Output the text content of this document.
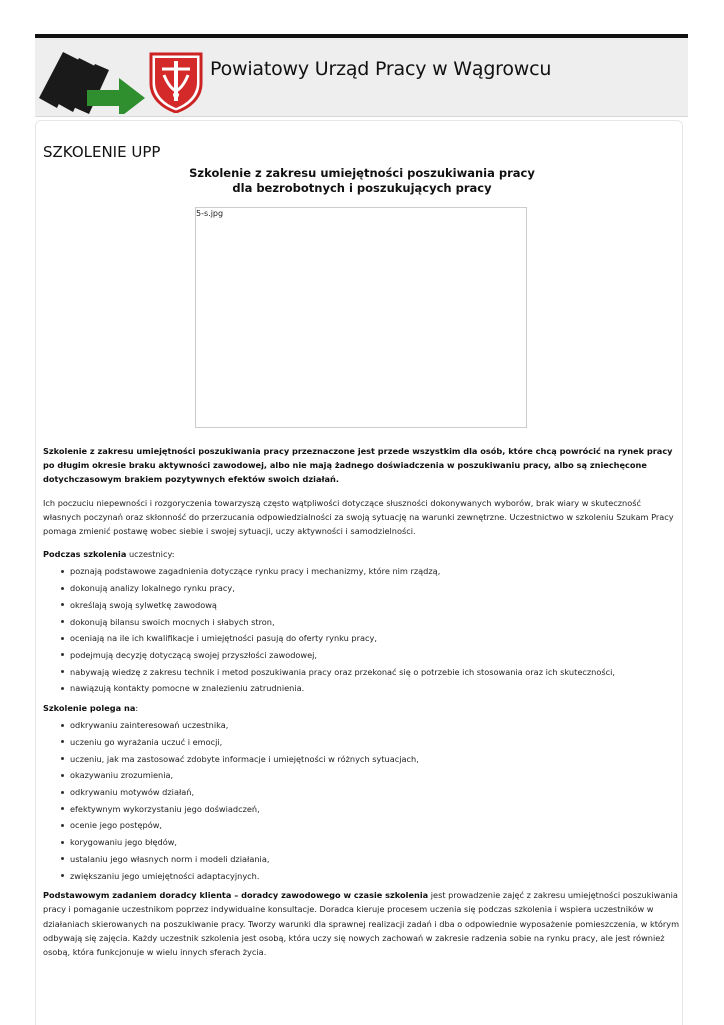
Powiatowy Urząd Pracy w Wągrowcu
SZKOLENIE UPP
Szkolenie z zakresu umiejętności poszukiwania pracy
dla bezrobotnych i poszukujących pracy
5-s.jpg

Szkolenie z zakresu umiejętności poszukiwania pracy przeznaczone jest przede wszystkim dla osób, które chcą powrócić na rynek pracy po długim okresie braku aktywności zawodowej, albo nie mają żadnego doświadczenia w poszukiwaniu pracy, albo są zniechęcone dotychczasowym brakiem pozytywnych efektów swoich działań.

Ich poczuciu niepewności i rozgoryczenia towarzyszą często wątpliwości dotyczące słuszności dokonywanych wyborów, brak wiary w skuteczność własnych poczynań oraz skłonność do przerzucania odpowiedzialności za swoją sytuację na warunki zewnętrzne. Uczestnictwo w szkoleniu Szukam Pracy pomaga zmienić postawę wobec siebie i swojej sytuacji, uczy aktywności i samodzielności.

Podczas szkolenia uczestnicy:

poznają podstawowe zagadnienia dotyczące rynku pracy i mechanizmy, które nim rządzą,
dokonują analizy lokalnego rynku pracy,
określają swoją sylwetkę zawodową
dokonują bilansu swoich mocnych i słabych stron,
oceniają na ile ich kwalifikacje i umiejętności pasują do oferty rynku pracy,
podejmują decyzję dotyczącą swojej przyszłości zawodowej,
nabywają wiedzę z zakresu technik i metod poszukiwania pracy oraz przekonać się o potrzebie ich stosowania oraz ich skuteczności,
nawiązują kontakty pomocne w znalezieniu zatrudnienia.

Szkolenie polega na:

odkrywaniu zainteresowań uczestnika,
uczeniu go wyrażania uczuć i emocji,
uczeniu, jak ma zastosować zdobyte informacje i umiejętności w różnych sytuacjach,
okazywaniu zrozumienia,
odkrywaniu motywów działań,
efektywnym wykorzystaniu jego doświadczeń,
ocenie jego postępów,
korygowaniu jego błędów,
ustalaniu jego własnych norm i modeli działania,
zwiększaniu jego umiejętności adaptacyjnych.

Podstawowym zadaniem doradcy klienta – doradcy zawodowego w czasie szkolenia jest prowadzenie zajęć z zakresu umiejętności poszukiwania pracy i pomaganie uczestnikom poprzez indywidualne konsultacje. Doradca kieruje procesem uczenia się podczas szkolenia i wspiera uczestników w działaniach skierowanych na poszukiwanie pracy. Tworzy warunki dla sprawnej realizacji zadań i dba o odpowiednie wyposażenie pomieszczenia, w którym odbywają się zajęcia. Każdy uczestnik szkolenia jest osobą, która uczy się nowych zachowań w zakresie radzenia sobie na rynku pracy, ale jest również osobą, która funkcjonuje w wielu innych sferach życia.
